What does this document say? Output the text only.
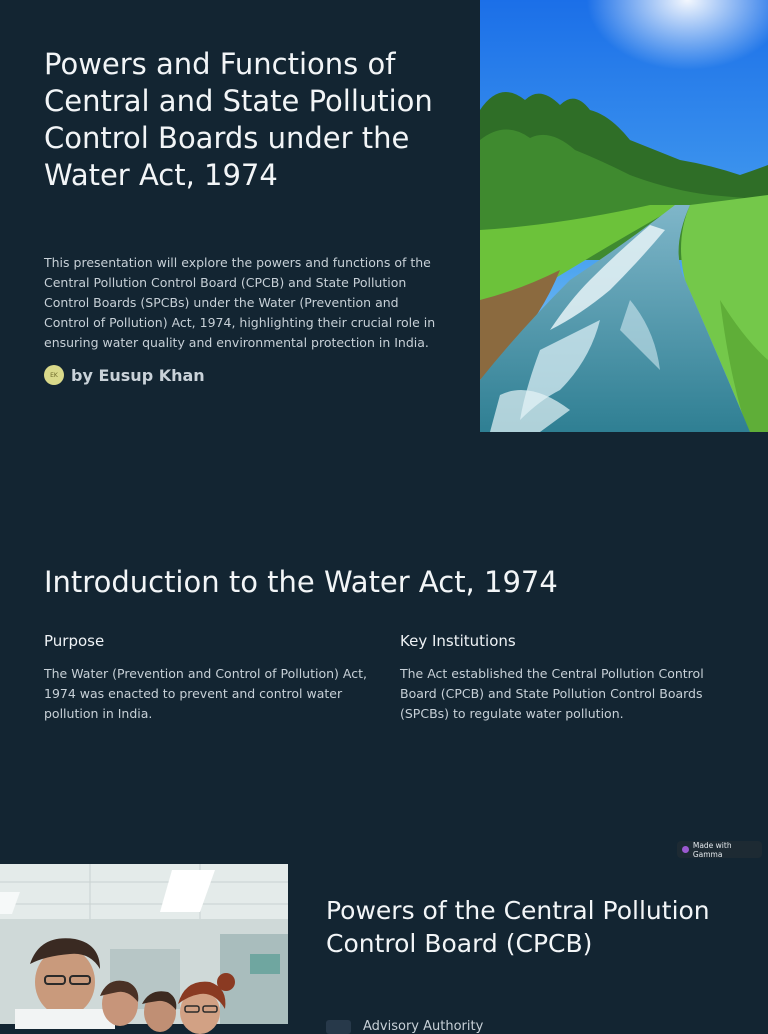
Powers and Functions of Central and State Pollution Control Boards under the Water Act, 1974

This presentation will explore the powers and functions of the Central Pollution Control Board (CPCB) and State Pollution Control Boards (SPCBs) under the Water (Prevention and Control of Pollution) Act, 1974, highlighting their crucial role in ensuring water quality and environmental protection in India.

EK by Eusup Khan
Introduction to the Water Act, 1974
Purpose

The Water (Prevention and Control of Pollution) Act, 1974 was enacted to prevent and control water pollution in India.

Key Institutions

The Act established the Central Pollution Control Board (CPCB) and State Pollution Control Boards (SPCBs) to regulate water pollution.

Made with Gamma
Powers of the Central Pollution Control Board (CPCB)
Advisory Authority
